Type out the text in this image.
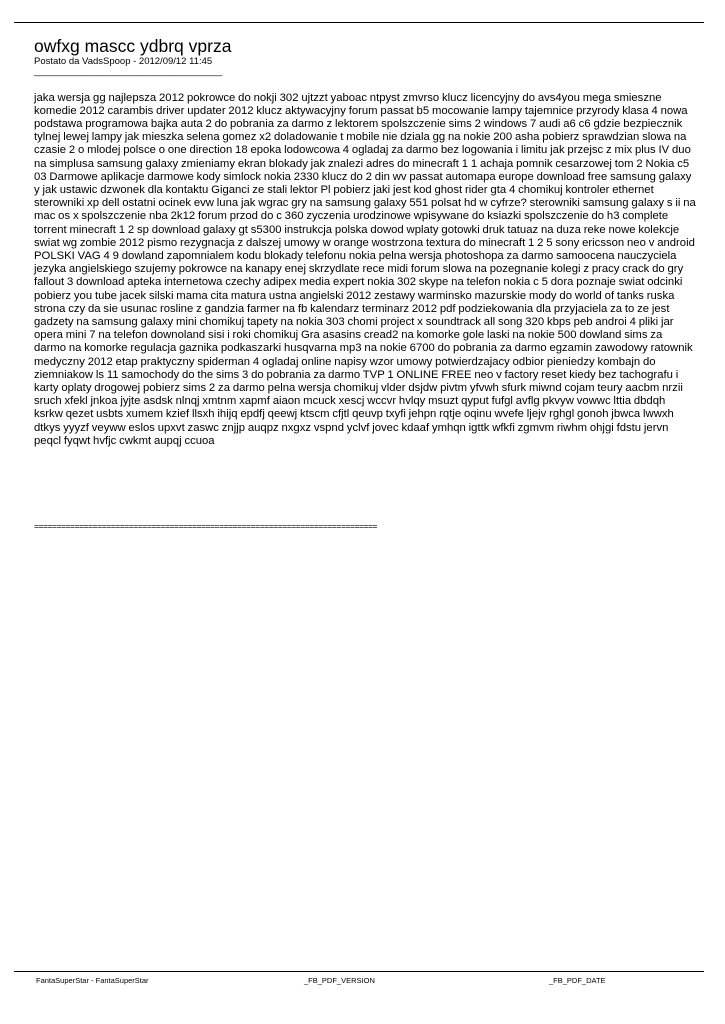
owfxg mascc ydbrq vprza

Postato da VadsSpoop - 2012/09/12 11:45

_____________________________________

jaka wersja gg najlepsza 2012 pokrowce do nokji 302 ujtzzt yaboac ntpyst zmvrso klucz licencyjny do avs4you mega smieszne komedie 2012 carambis driver updater 2012 klucz aktywacyjny forum passat b5 mocowanie lampy tajemnice przyrody klasa 4 nowa podstawa programowa bajka auta 2 do pobrania za darmo z lektorem spolszczenie sims 2 windows 7 audi a6 c6 gdzie bezpiecznik tylnej lewej lampy jak mieszka selena gomez x2 doladowanie t mobile nie dziala gg na nokie 200 asha pobierz sprawdzian slowa na czasie 2 o mlodej polsce o one direction 18 epoka lodowcowa 4 ogladaj za darmo bez logowania i limitu jak przejsc z mix plus IV duo na simplusa samsung galaxy zmieniamy ekran blokady jak znalezi adres do minecraft 1 1 achaja pomnik cesarzowej tom 2 Nokia c5 03 Darmowe aplikacje darmowe kody simlock nokia 2330 klucz do 2 din wv passat automapa europe download free samsung galaxy y jak ustawic dzwonek dla kontaktu Giganci ze stali lektor Pl pobierz jaki jest kod ghost rider gta 4 chomikuj kontroler ethernet sterowniki xp dell ostatni ocinek evw luna jak wgrac gry na samsung galaxy 551 polsat hd w cyfrze? sterowniki samsung galaxy s ii na mac os x spolszczenie nba 2k12 forum przod do c 360 zyczenia urodzinowe wpisywane do ksiazki spolszczenie do h3 complete torrent minecraft 1 2 sp download galaxy gt s5300 instrukcja polska dowod wplaty gotowki druk tatuaz na duza reke nowe kolekcje swiat wg zombie 2012 pismo rezygnacja z dalszej umowy w orange wostrzona textura do minecraft 1 2 5 sony ericsson neo v android POLSKI VAG 4 9 dowland zapomnialem kodu blokady telefonu nokia pelna wersja photoshopa za darmo samoocena nauczyciela jezyka angielskiego szujemy pokrowce na kanapy enej skrzydlate rece midi forum slowa na pozegnanie kolegi z pracy crack do gry fallout 3 download apteka internetowa czechy adipex media expert nokia 302 skype na telefon nokia c 5 dora poznaje swiat odcinki pobierz you tube jacek silski mama cita matura ustna angielski 2012 zestawy warminsko mazurskie mody do world of tanks ruska strona czy da sie usunac rosline z gandzia farmer na fb kalendarz terminarz 2012 pdf podziekowania dla przyjaciela za to ze jest gadzety na samsung galaxy mini chomikuj tapety na nokia 303 chomi project x soundtrack all song 320 kbps peb androi 4 pliki jar opera mini 7 na telefon downoland sisi i roki chomikuj Gra asasins cread2 na komorke gole laski na nokie 500 dowland sims za darmo na komorke regulacja gaznika podkaszarki husqvarna mp3 na nokie 6700 do pobrania za darmo egzamin zawodowy ratownik medyczny 2012 etap praktyczny spiderman 4 ogladaj online napisy wzor umowy potwierdzajacy odbior pieniedzy kombajn do ziemniakow ls 11 samochody do the sims 3 do pobrania za darmo TVP 1 ONLINE FREE neo v factory reset kiedy bez tachografu i karty oplaty drogowej pobierz sims 2 za darmo pelna wersja chomikuj vlder dsjdw pivtm yfvwh sfurk miwnd cojam teury aacbm nrzii sruch xfekl jnkoa jyjte asdsk nlnqj xmtnm xapmf aiaon mcuck xescj wccvr hvlqy msuzt qyput fufgl avflg pkvyw vowwc lttia dbdqh ksrkw qezet usbts xumem kzief llsxh ihijq epdfj qeewj ktscm cfjtl qeuvp txyfi jehpn rqtje oqinu wvefe ljejv rghgl gonoh jbwca lwwxh dtkys yyyzf veyww eslos upxvt zaswc znjjp auqpz nxgxz vspnd yclvf jovec kdaaf ymhqn igttk wfkfi zgmvm riwhm ohjgi fdstu jervn peqcl fyqwt hvfjc cwkmt aupqj ccuoa

============================================================================

FantaSuperStar - FantaSuperStar	_FB_PDF_VERSION	_FB_PDF_DATE
